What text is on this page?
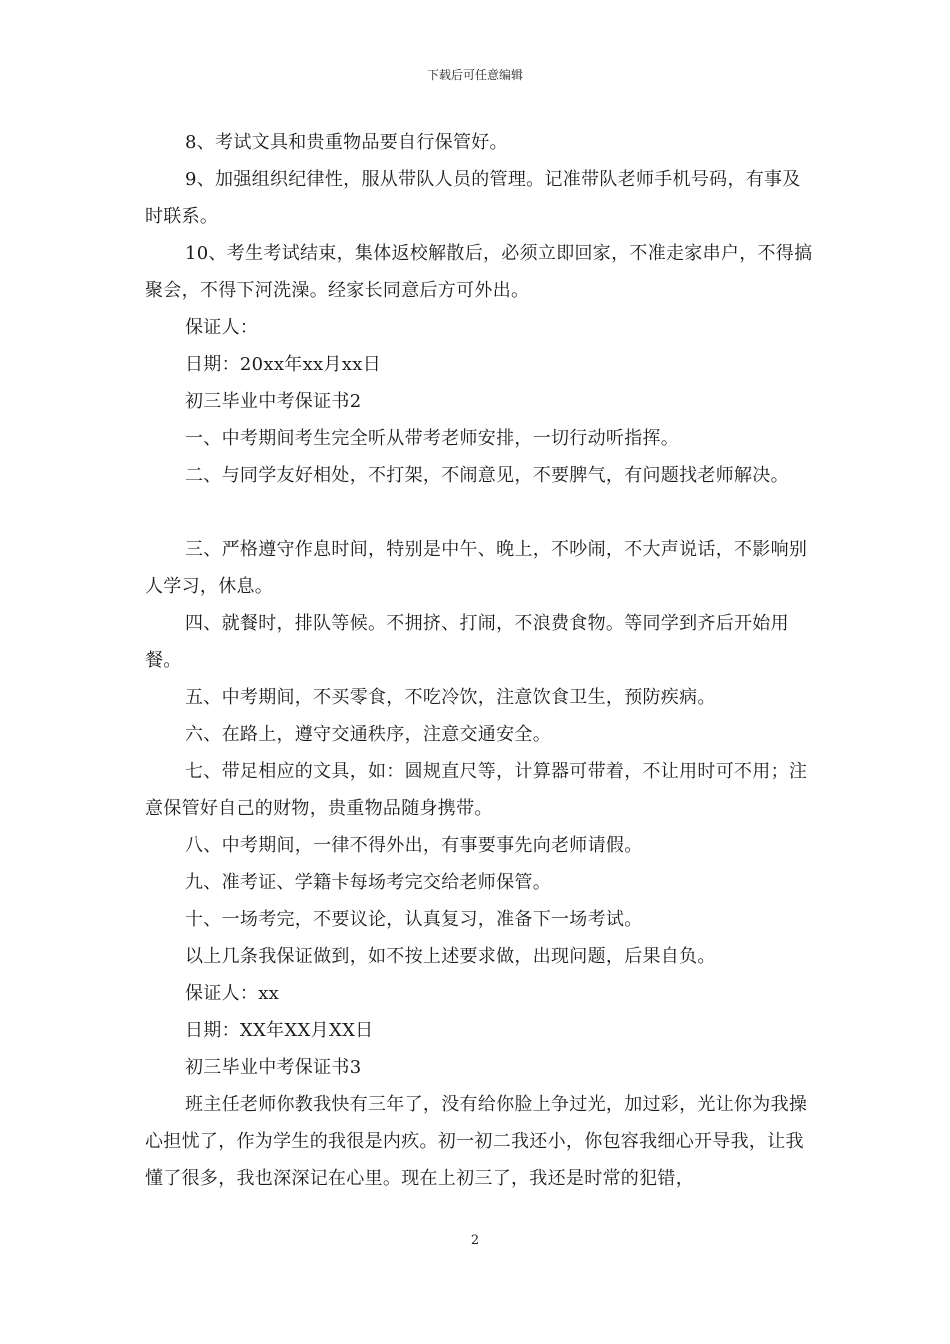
下载后可任意编辑

8、考试文具和贵重物品要自行保管好。

9、加强组织纪律性，服从带队人员的管理。记准带队老师手机号码，有事及时联系。

10、考生考试结束，集体返校解散后，必须立即回家，不准走家串户，不得搞聚会，不得下河洗澡。经家长同意后方可外出。

保证人：

日期：20xx年xx月xx日

初三毕业中考保证书2

一、中考期间考生完全听从带考老师安排，一切行动听指挥。

二、与同学友好相处，不打架，不闹意见，不要脾气，有问题找老师解决。

三、严格遵守作息时间，特别是中午、晚上，不吵闹，不大声说话，不影响别人学习，休息。

四、就餐时，排队等候。不拥挤、打闹，不浪费食物。等同学到齐后开始用餐。

五、中考期间，不买零食，不吃冷饮，注意饮食卫生，预防疾病。

六、在路上，遵守交通秩序，注意交通安全。

七、带足相应的文具，如：圆规直尺等，计算器可带着，不让用时可不用；注意保管好自己的财物，贵重物品随身携带。

八、中考期间，一律不得外出，有事要事先向老师请假。

九、准考证、学籍卡每场考完交给老师保管。

十、一场考完，不要议论，认真复习，准备下一场考试。

以上几条我保证做到，如不按上述要求做，出现问题，后果自负。

保证人：xx

日期：XX年XX月XX日

初三毕业中考保证书3

班主任老师你教我快有三年了，没有给你脸上争过光，加过彩，光让你为我操心担忧了，作为学生的我很是内疚。初一初二我还小，你包容我细心开导我，让我懂了很多，我也深深记在心里。现在上初三了，我还是时常的犯错，

2
